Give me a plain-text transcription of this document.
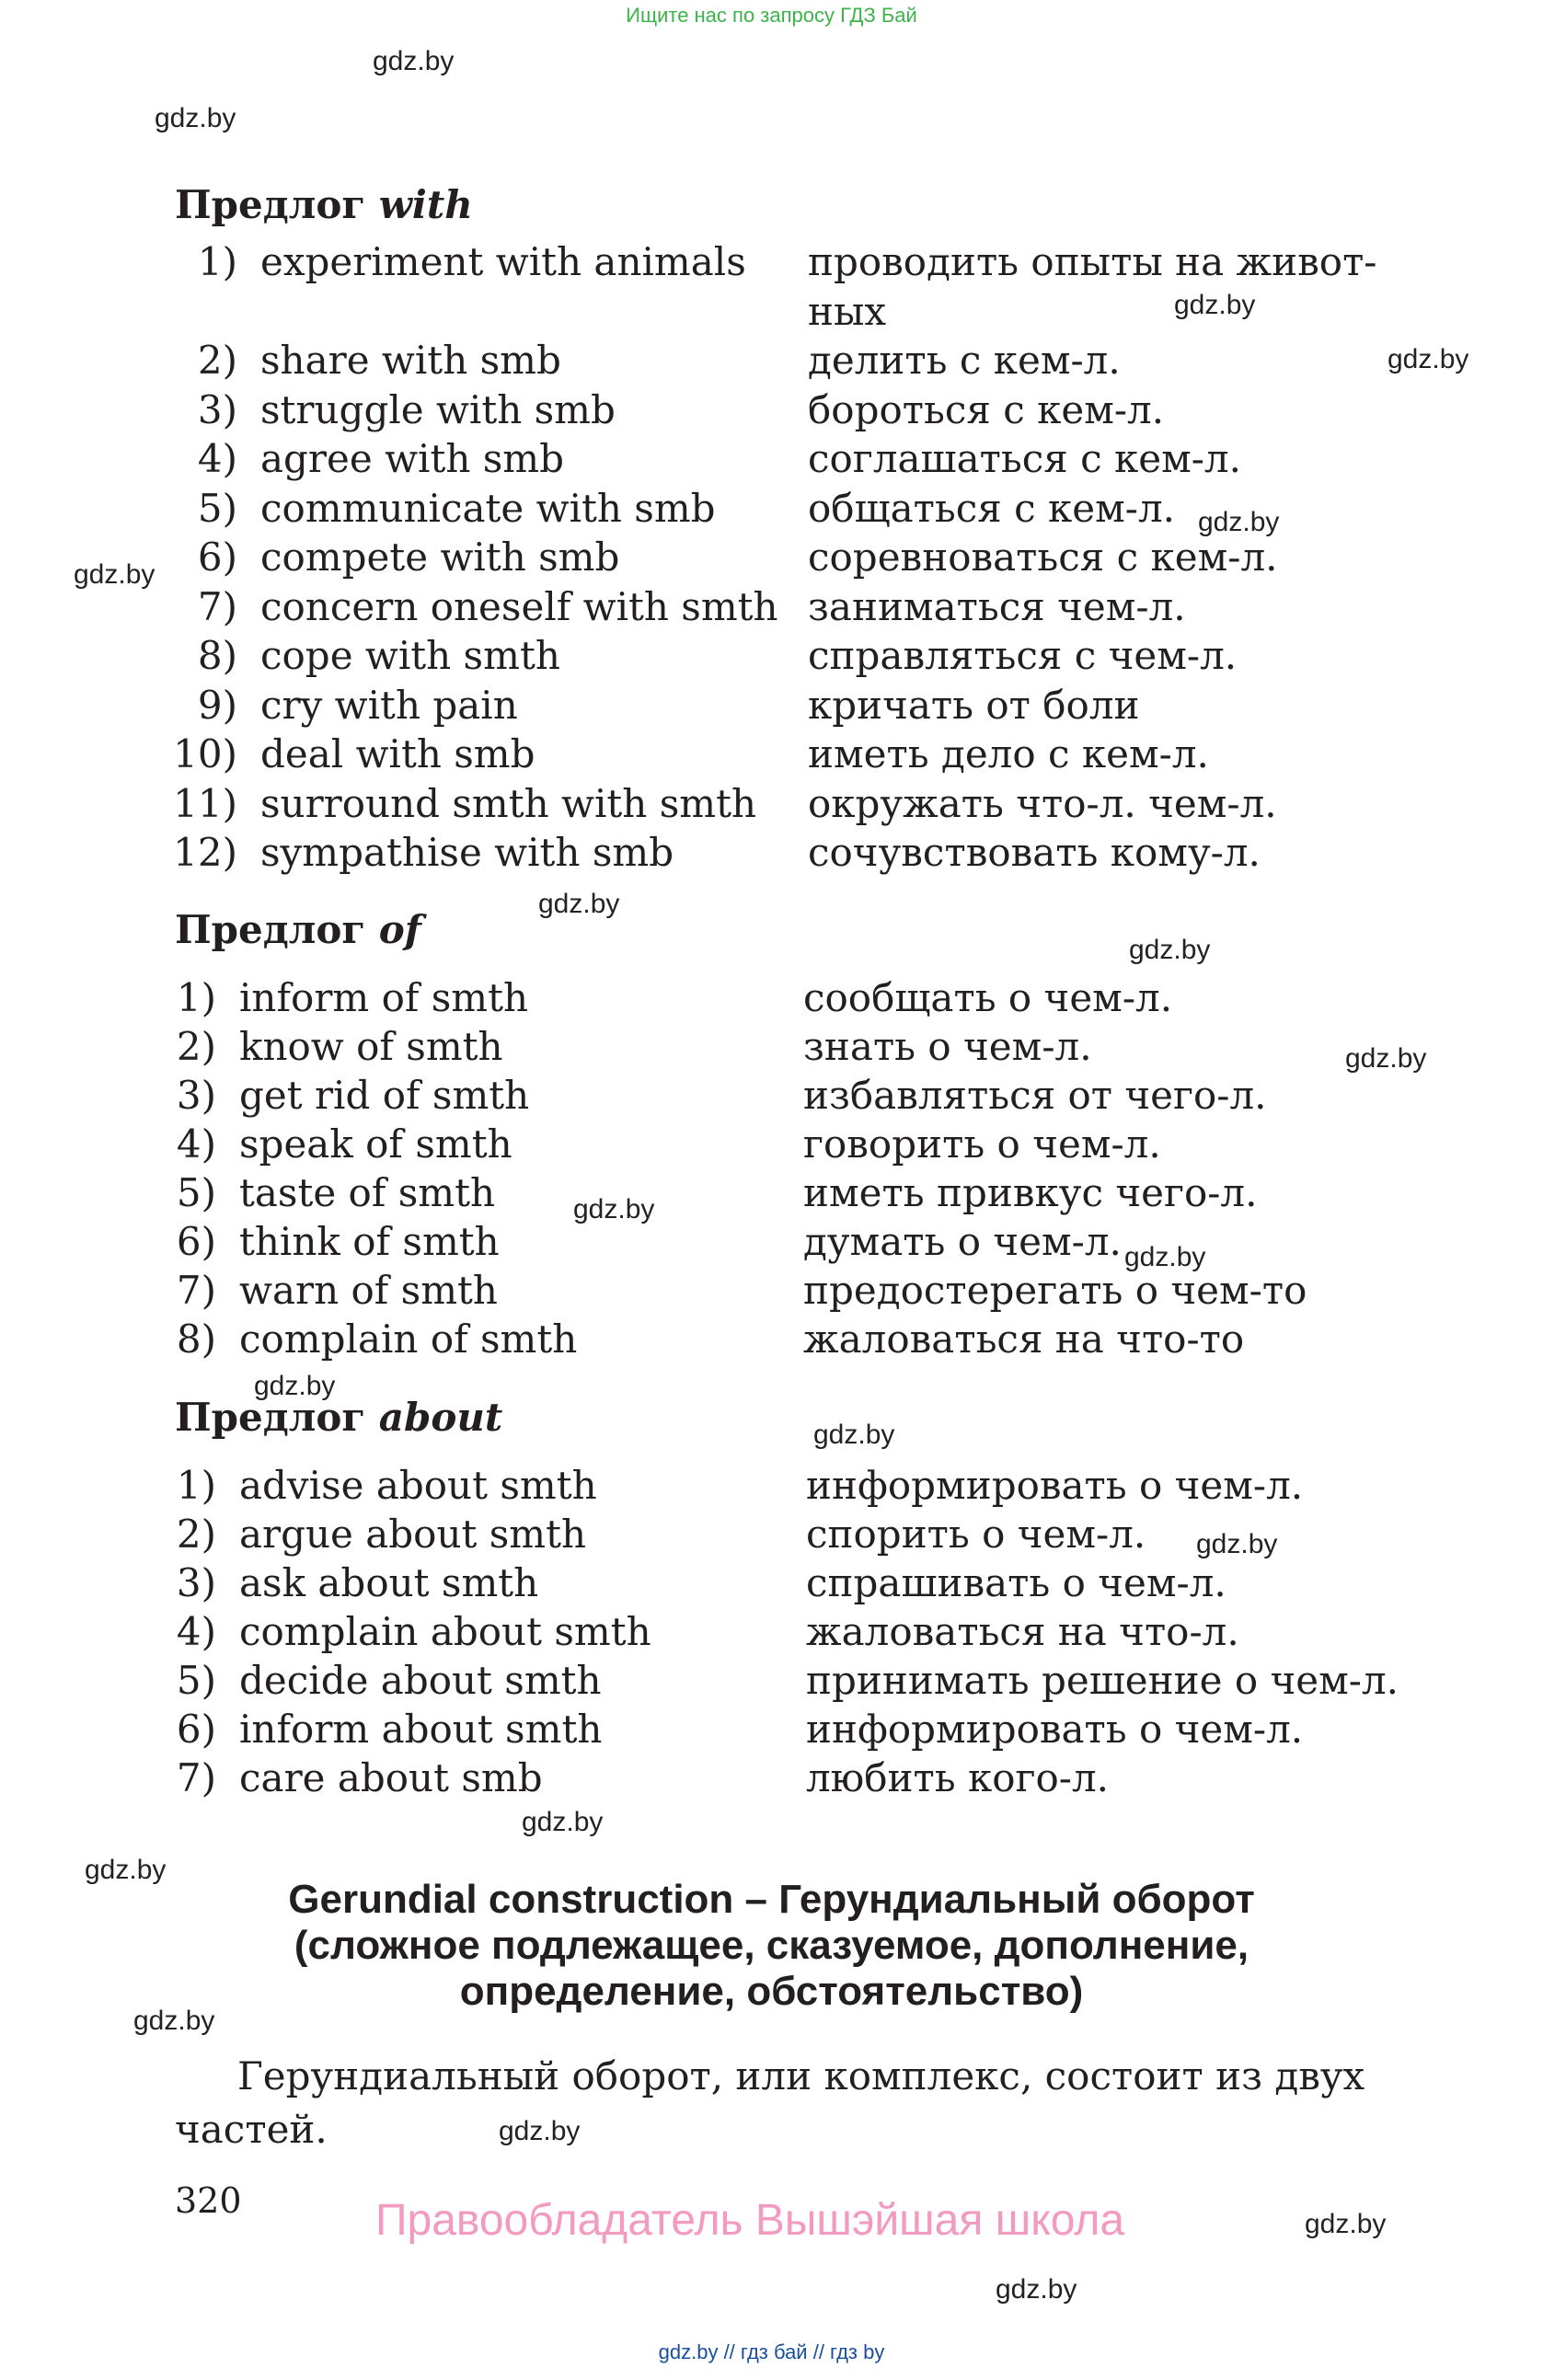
Ищите нас по запросу ГДЗ Бай
gdz.by
gdz.by
gdz.by
gdz.by
gdz.by
gdz.by
gdz.by
gdz.by
gdz.by
gdz.by
gdz.by
gdz.by
gdz.by
gdz.by
gdz.by
gdz.by
gdz.by
gdz.by
gdz.by
gdz.by
Предлог with
1) experiment with animals проводить опыты на живот-
ных
2) share with smb	делить с кем-л.
3) struggle with smb	бороться с кем-л.
4) agree with smb	соглашаться с кем-л.
5) communicate with smb общаться с кем-л.
6) compete with smb	соревноваться с кем-л.
7) concern oneself with smth заниматься чем-л.
8) cope with smth	справляться с чем-л.
9) cry with pain	кричать от боли
10) deal with smb	иметь дело с кем-л.
11) surround smth with smth окружать что-л. чем-л.
12) sympathise with smb	сочувствовать кому-л.
Предлог of
1) inform of smth	сообщать о чем-л.
2) know of smth	знать о чем-л.
3) get rid of smth	избавляться от чего-л.
4) speak of smth	говорить о чем-л.
5) taste of smth	иметь привкус чего-л.
6) think of smth	думать о чем-л.
7) warn of smth	предостерегать о чем-то
8) complain of smth	жаловаться на что-то
Предлог about
1) advise about smth	информировать о чем-л.
2) argue about smth	спорить о чем-л.
3) ask about smth	спрашивать о чем-л.
4) complain about smth	жаловаться на что-л.
5) decide about smth	принимать решение о чем-л.
6) inform about smth	информировать о чем-л.
7) care about smb	любить кого-л.
Gerundial construction – Герундиальный оборот
(сложное подлежащее, сказуемое, дополнение,
определение, обстоятельство)
Герундиальный оборот, или комплекс, состоит из двух
частей.
320	Правообладатель Вышэйшая школа
gdz.by // гдз бай // гдз by
